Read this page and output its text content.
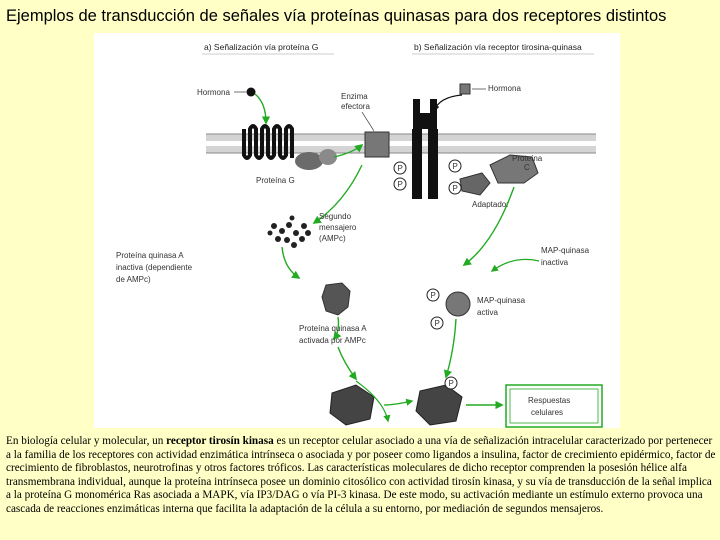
Ejemplos de transducción de señales vía proteínas quinasas para dos receptores distintos
a) Señalización vía proteína G	b) Señalización vía receptor tirosina-quinasa
Hormona
Proteína G
Enzima
efectora
Segundo
mensajero
(AMPc)
Proteína quinasa A
inactiva (dependiente
de AMPc)
Proteína quinasa A
activada por AMPc
Hormona
P
P
P
P
Adaptador
Proteína
C
MAP-quinasa
inactiva
P
P
MAP-quinasa
activa
P
Respuestas
celulares
En biología celular y molecular, un receptor tirosín kinasa es un receptor celular asociado a una vía de señalización intracelular caracterizado por pertenecer a la familia de los receptores con actividad enzimática intrínseca o asociada y por poseer como ligandos a insulina, factor de crecimiento epidérmico, factor de crecimiento de fibroblastos, neurotrofinas y otros factores tróficos. Las características moleculares de dicho receptor comprenden la posesión hélice alfa transmembrana individual, aunque la proteína intrínseca posee un dominio citosólico con actividad tirosín kinasa, y su vía de transducción de la señal implica a la proteína G monomérica Ras asociada a MAPK, vía IP3/DAG o vía PI-3 kinasa. De este modo, su activación mediante un estímulo externo provoca una cascada de reacciones enzimáticas interna que facilita la adaptación de la célula a su entorno, por mediación de segundos mensajeros.
